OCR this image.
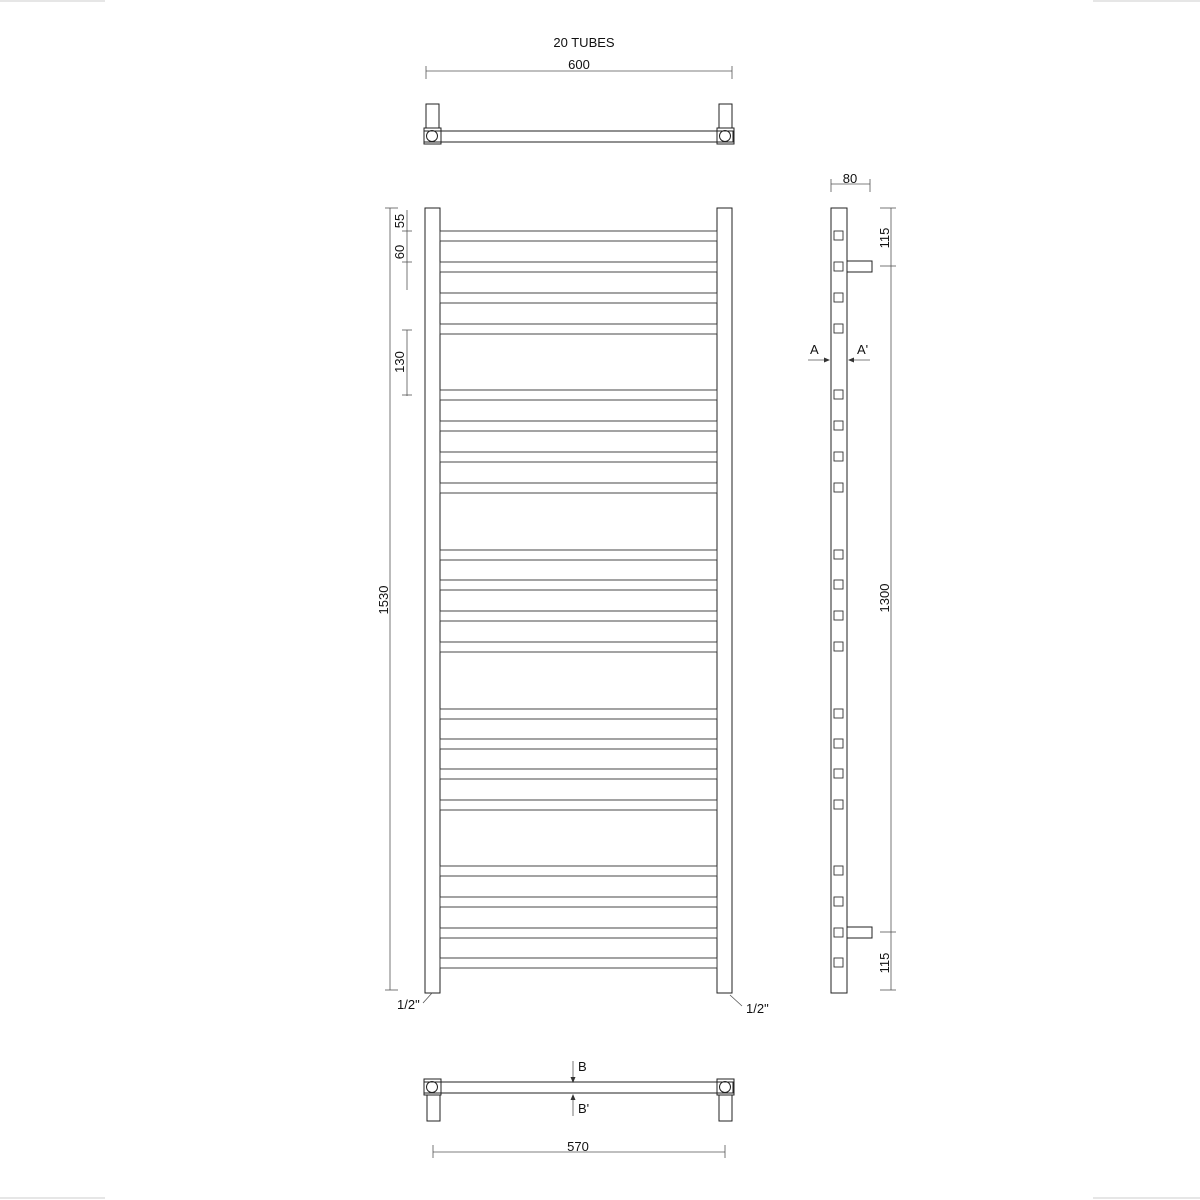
20 TUBES
600
1530
55
60
130
1/2"	1/2"
80
115
1300
115
A	A'
B
B'
570
